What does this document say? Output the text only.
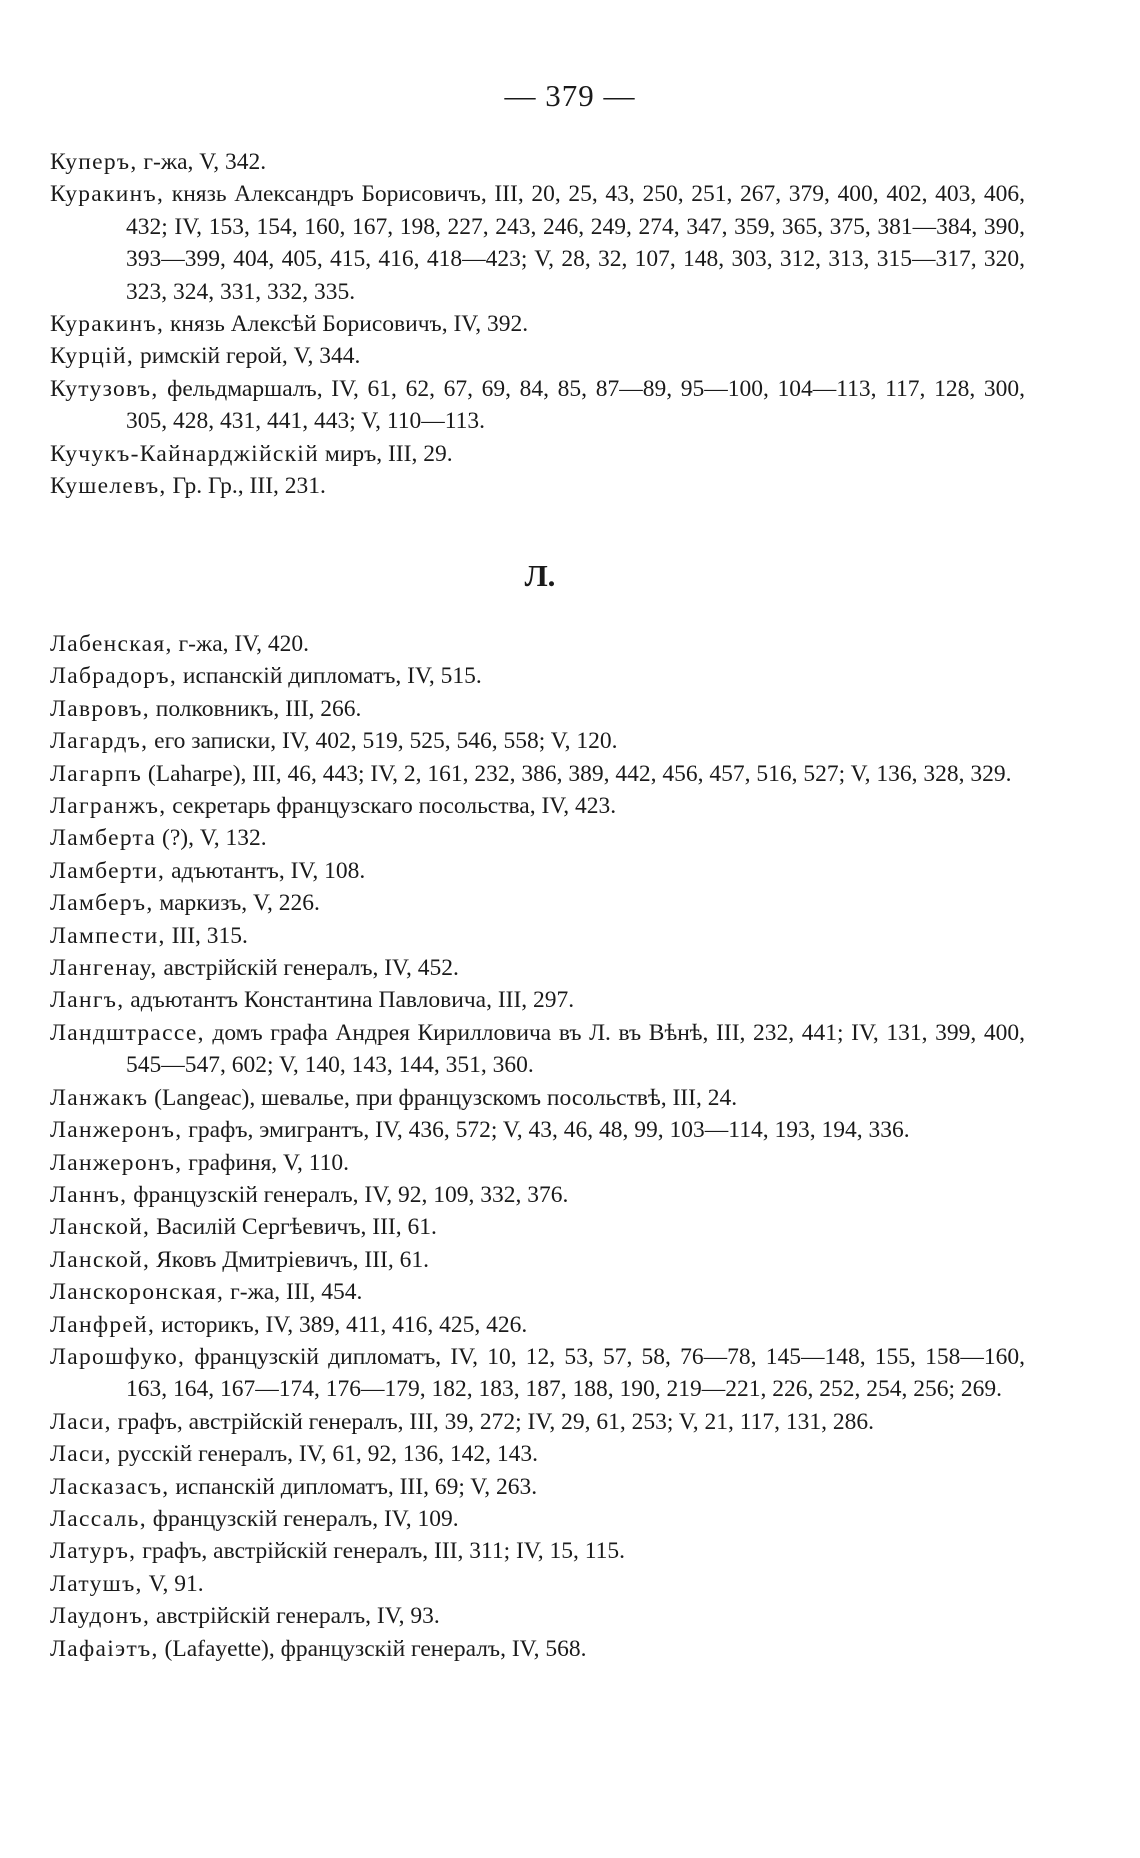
— 379 —
Куперъ, г-жа, V, 342.
Куракинъ, князь Александръ Борисовичъ, III, 20, 25, 43, 250, 251, 267, 379, 400, 402, 403, 406, 432; IV, 153, 154, 160, 167, 198, 227, 243, 246, 249, 274, 347, 359, 365, 375, 381—384, 390, 393—399, 404, 405, 415, 416, 418—423; V, 28, 32, 107, 148, 303, 312, 313, 315—317, 320, 323, 324, 331, 332, 335.
Куракинъ, князь Алексѣй Борисовичъ, IV, 392.
Курцій, римскій герой, V, 344.
Кутузовъ, фельдмаршалъ, IV, 61, 62, 67, 69, 84, 85, 87—89, 95—100, 104—113, 117, 128, 300, 305, 428, 431, 441, 443; V, 110—113.
Кучукъ-Кайнарджійскій миръ, III, 29.
Кушелевъ, Гр. Гр., III, 231.
Л.
Лабенская, г-жа, IV, 420.
Лабрадоръ, испанскій дипломатъ, IV, 515.
Лавровъ, полковникъ, III, 266.
Лагардъ, его записки, IV, 402, 519, 525, 546, 558; V, 120.
Лагарпъ (Laharpe), III, 46, 443; IV, 2, 161, 232, 386, 389, 442, 456, 457, 516, 527; V, 136, 328, 329.
Лагранжъ, секретарь французскаго посольства, IV, 423.
Ламберта (?), V, 132.
Ламберти, адъютантъ, IV, 108.
Ламберъ, маркизъ, V, 226.
Лампести, III, 315.
Лангенау, австрійскій генералъ, IV, 452.
Лангъ, адъютантъ Константина Павловича, III, 297.
Ландштрассе, домъ графа Андрея Кирилловича въ Л. въ Вѣнѣ, III, 232, 441; IV, 131, 399, 400, 545—547, 602; V, 140, 143, 144, 351, 360.
Ланжакъ (Langeac), шевалье, при французскомъ посольствѣ, III, 24.
Ланжеронъ, графъ, эмигрантъ, IV, 436, 572; V, 43, 46, 48, 99, 103—114, 193, 194, 336.
Ланжеронъ, графиня, V, 110.
Ланнъ, французскій генералъ, IV, 92, 109, 332, 376.
Ланской, Василій Сергѣевичъ, III, 61.
Ланской, Яковъ Дмитріевичъ, III, 61.
Ланскоронская, г-жа, III, 454.
Ланфрей, историкъ, IV, 389, 411, 416, 425, 426.
Ларошфуко, французскій дипломатъ, IV, 10, 12, 53, 57, 58, 76—78, 145—148, 155, 158—160, 163, 164, 167—174, 176—179, 182, 183, 187, 188, 190, 219—221, 226, 252, 254, 256; 269.
Ласи, графъ, австрійскій генералъ, III, 39, 272; IV, 29, 61, 253; V, 21, 117, 131, 286.
Ласи, русскій генералъ, IV, 61, 92, 136, 142, 143.
Ласказасъ, испанскій дипломатъ, III, 69; V, 263.
Лассаль, французскій генералъ, IV, 109.
Латуръ, графъ, австрійскій генералъ, III, 311; IV, 15, 115.
Латушъ, V, 91.
Лаудонъ, австрійскій генералъ, IV, 93.
Лафаіэтъ, (Lafayette), французскій генералъ, IV, 568.
